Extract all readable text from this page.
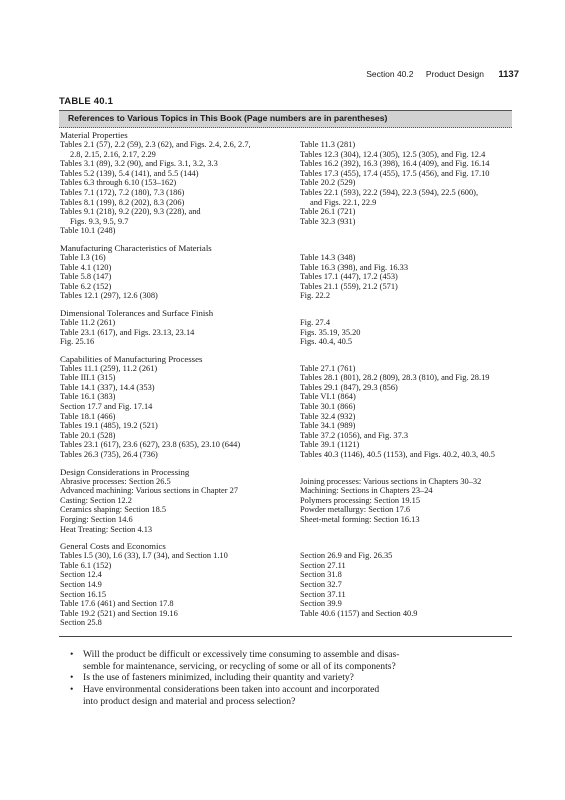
Section 40.2 Product Design 1137
TABLE 40.1
References to Various Topics in This Book (Page numbers are in parentheses)
Material Properties
Tables 2.1 (57), 2.2 (59), 2.3 (62), and Figs. 2.4, 2.6, 2.7,
2.8, 2.15, 2.16, 2.17, 2.29
Tables 3.1 (89), 3.2 (90), and Figs. 3.1, 3.2, 3.3
Tables 5.2 (139), 5.4 (141), and 5.5 (144)
Tables 6.3 through 6.10 (153–162)
Tables 7.1 (172), 7.2 (180), 7.3 (186)
Tables 8.1 (199), 8.2 (202), 8.3 (206)
Tables 9.1 (218), 9.2 (220), 9.3 (228), and
Figs. 9.3, 9.5, 9.7
Table 10.1 (248)
Table 11.3 (281)
Tables 12.3 (304), 12.4 (305), 12.5 (305), and Fig. 12.4
Tables 16.2 (392), 16.3 (398), 16.4 (409), and Fig. 16.14
Tables 17.3 (455), 17.4 (455), 17.5 (456), and Fig. 17.10
Table 20.2 (529)
Tables 22.1 (593), 22.2 (594), 22.3 (594), 22.5 (600),
and Figs. 22.1, 22.9
Table 26.1 (721)
Table 32.3 (931)
Manufacturing Characteristics of Materials
Table I.3 (16)
Table 4.1 (120)
Table 5.8 (147)
Table 6.2 (152)
Tables 12.1 (297), 12.6 (308)
Table 14.3 (348)
Table 16.3 (398), and Fig. 16.33
Tables 17.1 (447), 17.2 (453)
Tables 21.1 (559), 21.2 (571)
Fig. 22.2
Dimensional Tolerances and Surface Finish
Table 11.2 (261)
Table 23.1 (617), and Figs. 23.13, 23.14
Fig. 25.16
Fig. 27.4
Figs. 35.19, 35.20
Figs. 40.4, 40.5
Capabilities of Manufacturing Processes
Tables 11.1 (259), 11.2 (261)
Table III.1 (315)
Table 14.1 (337), 14.4 (353)
Table 16.1 (383)
Section 17.7 and Fig. 17.14
Table 18.1 (466)
Tables 19.1 (485), 19.2 (521)
Table 20.1 (528)
Tables 23.1 (617), 23.6 (627), 23.8 (635), 23.10 (644)
Tables 26.3 (735), 26.4 (736)
Table 27.1 (761)
Tables 28.1 (801), 28.2 (809), 28.3 (810), and Fig. 28.19
Tables 29.1 (847), 29.3 (856)
Table VI.1 (864)
Table 30.1 (866)
Table 32.4 (932)
Table 34.1 (989)
Table 37.2 (1056), and Fig. 37.3
Table 39.1 (1121)
Tables 40.3 (1146), 40.5 (1153), and Figs. 40.2, 40.3, 40.5
Design Considerations in Processing
Abrasive processes: Section 26.5
Advanced machining: Various sections in Chapter 27
Casting: Section 12.2
Ceramics shaping: Section 18.5
Forging: Section 14.6
Heat Treating: Section 4.13
Joining processes: Various sections in Chapters 30–32
Machining: Sections in Chapters 23–24
Polymers processing: Section 19.15
Powder metallurgy: Section 17.6
Sheet-metal forming: Section 16.13
General Costs and Economics
Tables I.5 (30), I.6 (33), I.7 (34), and Section 1.10
Table 6.1 (152)
Section 12.4
Section 14.9
Section 16.15
Table 17.6 (461) and Section 17.8
Table 19.2 (521) and Section 19.16
Section 25.8
Section 26.9 and Fig. 26.35
Section 27.11
Section 31.8
Section 32.7
Section 37.11
Section 39.9
Table 40.6 (1157) and Section 40.9
• Will the product be difficult or excessively time consuming to assemble and disas-
semble for maintenance, servicing, or recycling of some or all of its components?
• Is the use of fasteners minimized, including their quantity and variety?
• Have environmental considerations been taken into account and incorporated
into product design and material and process selection?
